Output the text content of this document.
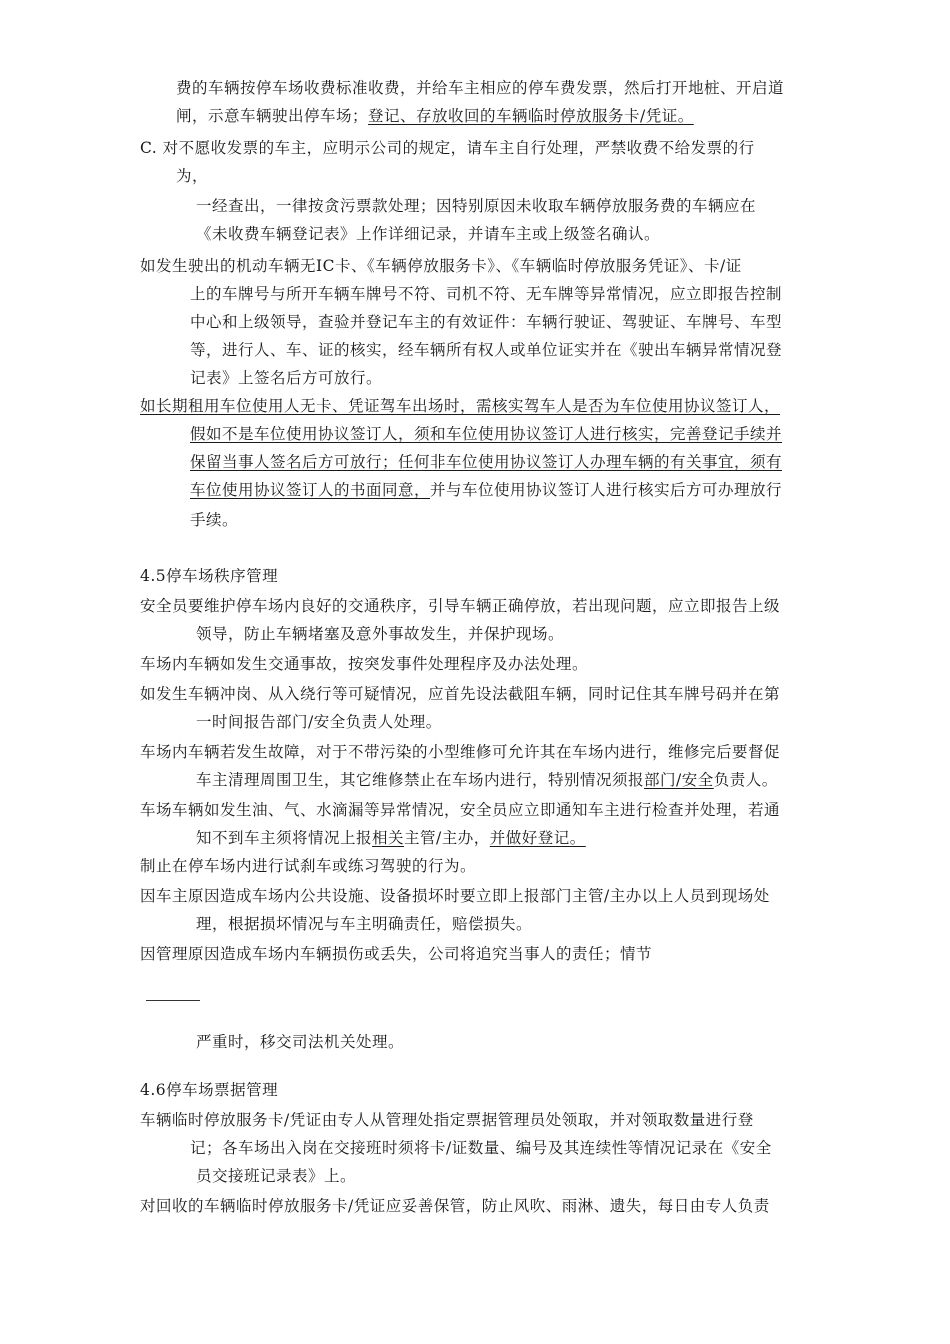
费的车辆按停车场收费标准收费，并给车主相应的停车费发票，然后打开地桩、开启道
闸，示意车辆驶出停车场；登记、存放收回的车辆临时停放服务卡/凭证。
C. 对不愿收发票的车主，应明示公司的规定，请车主自行处理，严禁收费不给发票的行
为，
一经查出，一律按贪污票款处理；因特别原因未收取车辆停放服务费的车辆应在
《未收费车辆登记表》上作详细记录，并请车主或上级签名确认。
如发生驶出的机动车辆无IC卡、《车辆停放服务卡》、《车辆临时停放服务凭证》、卡/证
上的车牌号与所开车辆车牌号不符、司机不符、无车牌等异常情况，应立即报告控制
中心和上级领导，查验并登记车主的有效证件：车辆行驶证、驾驶证、车牌号、车型
等，进行人、车、证的核实，经车辆所有权人或单位证实并在《驶出车辆异常情况登
记表》上签名后方可放行。
如长期租用车位使用人无卡、凭证驾车出场时，需核实驾车人是否为车位使用协议签订人，
假如不是车位使用协议签订人，须和车位使用协议签订人进行核实，完善登记手续并
保留当事人签名后方可放行；任何非车位使用协议签订人办理车辆的有关事宜，须有
车位使用协议签订人的书面同意，并与车位使用协议签订人进行核实后方可办理放行
手续。
4.5停车场秩序管理
安全员要维护停车场内良好的交通秩序，引导车辆正确停放，若出现问题，应立即报告上级
领导，防止车辆堵塞及意外事故发生，并保护现场。
车场内车辆如发生交通事故，按突发事件处理程序及办法处理。
如发生车辆冲岗、从入绕行等可疑情况，应首先设法截阻车辆，同时记住其车牌号码并在第
一时间报告部门/安全负责人处理。
车场内车辆若发生故障，对于不带污染的小型维修可允许其在车场内进行，维修完后要督促
车主清理周围卫生，其它维修禁止在车场内进行，特别情况须报部门/安全负责人。
车场车辆如发生油、气、水滴漏等异常情况，安全员应立即通知车主进行检查并处理，若通
知不到车主须将情况上报相关主管/主办，并做好登记。
制止在停车场内进行试刹车或练习驾驶的行为。
因车主原因造成车场内公共设施、设备损坏时要立即上报部门主管/主办以上人员到现场处
理，根据损坏情况与车主明确责任，赔偿损失。
因管理原因造成车场内车辆损伤或丢失，公司将追究当事人的责任；情节
严重时，移交司法机关处理。
4.6停车场票据管理
车辆临时停放服务卡/凭证由专人从管理处指定票据管理员处领取，并对领取数量进行登
记；各车场出入岗在交接班时须将卡/证数量、编号及其连续性等情况记录在《安全
员交接班记录表》上。
对回收的车辆临时停放服务卡/凭证应妥善保管，防止风吹、雨淋、遗失，每日由专人负责
